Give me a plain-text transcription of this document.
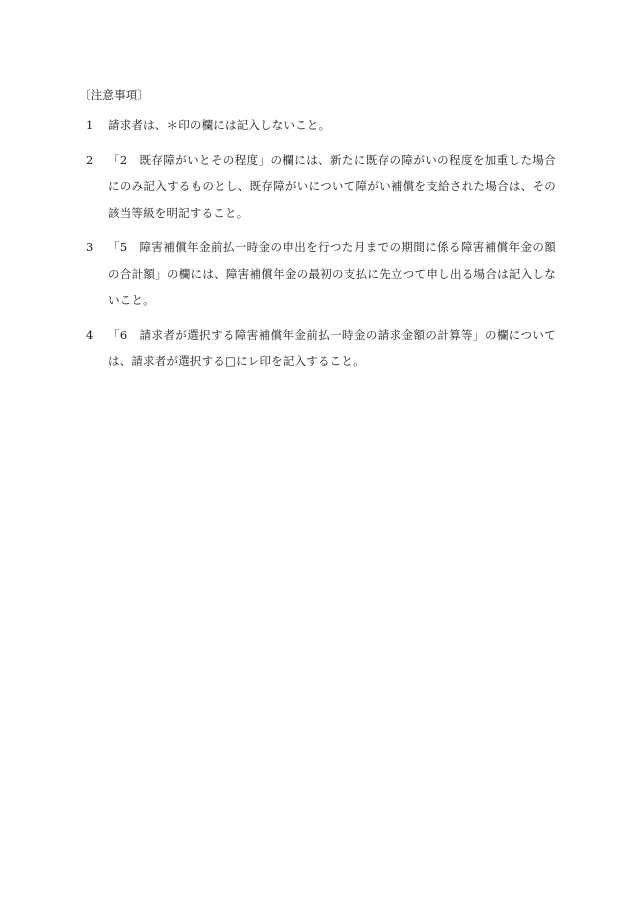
〔注意事項〕
1	請求者は、＊印の欄には記入しないこと。
2	「2　既存障がいとその程度」の欄には、新たに既存の障がいの程度を加重した場合にのみ記入するものとし、既存障がいについて障がい補償を支給された場合は、その該当等級を明記すること。
3	「5　障害補償年金前払一時金の申出を行つた月までの期間に係る障害補償年金の額の合計額」の欄には、障害補償年金の最初の支払に先立つて申し出る場合は記入しないこと。
4	「6　請求者が選択する障害補償年金前払一時金の請求金額の計算等」の欄については、請求者が選択する□にレ印を記入すること。
